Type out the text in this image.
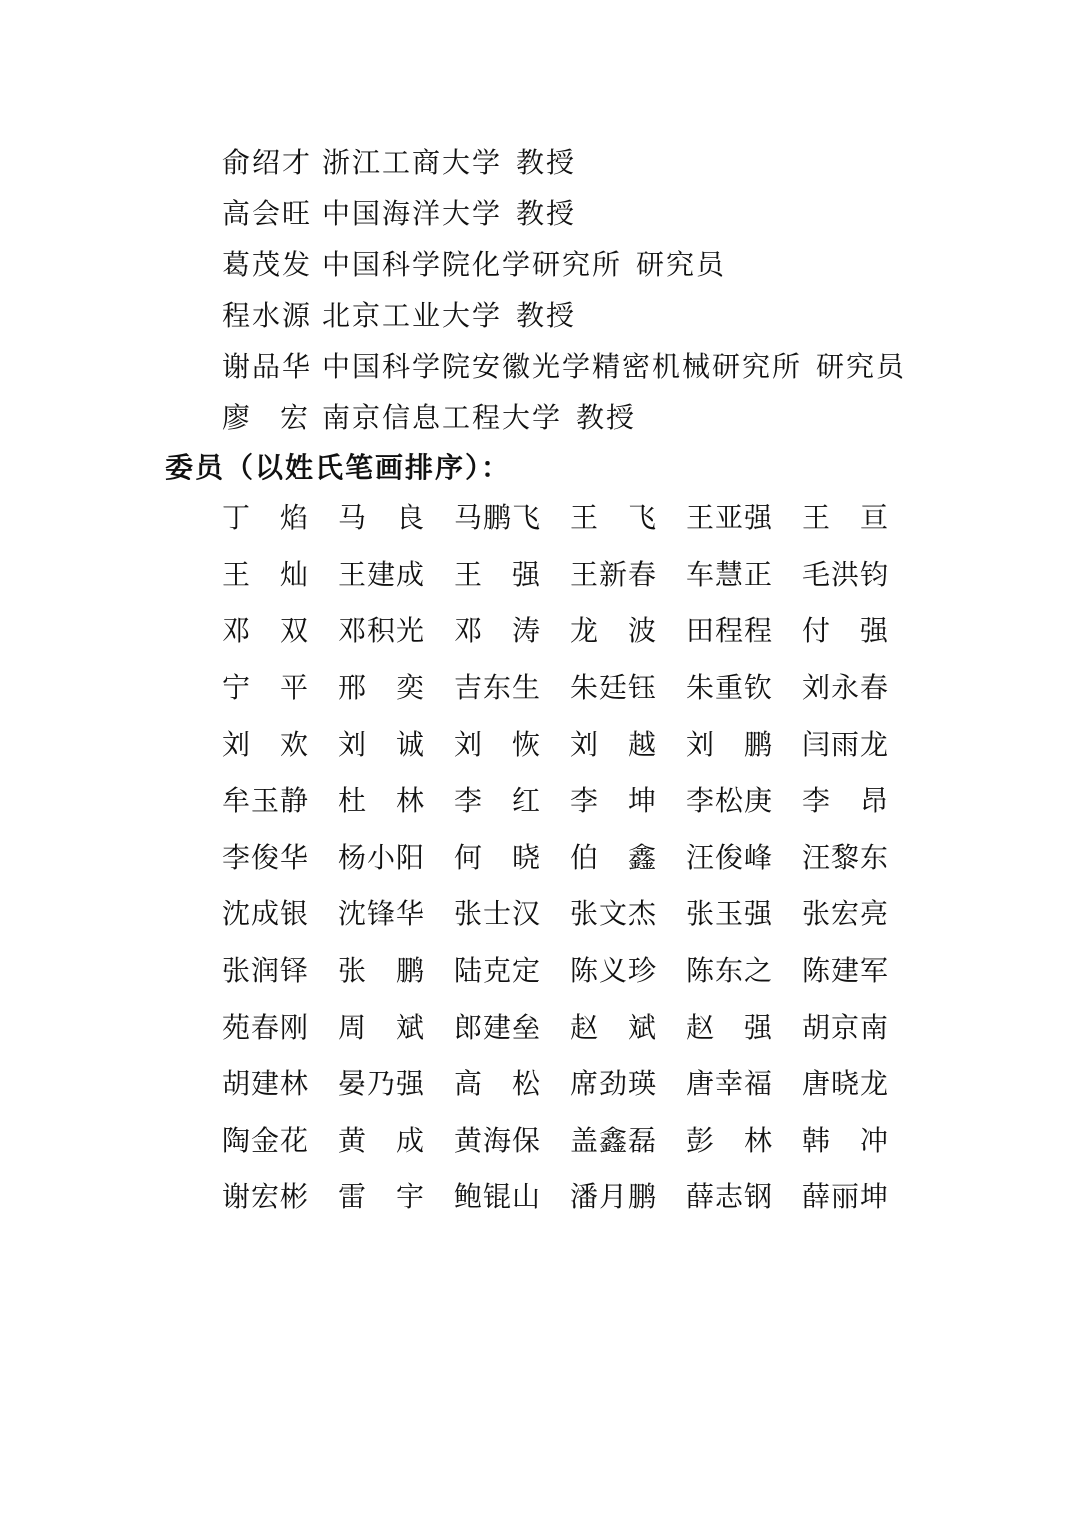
俞绍才 浙江工商大学 教授
高会旺 中国海洋大学 教授
葛茂发 中国科学院化学研究所 研究员
程水源 北京工业大学 教授
谢品华 中国科学院安徽光学精密机械研究所 研究员
廖宏南京信息工程大学 教授
委员（以姓氏笔画排序）：
丁 焰 马 良 马 鹏 飞 王 飞 王 亚 强 王 亘
王 灿 王 建 成 王 强 王 新 春 车 慧 正 毛 洪 钧
邓 双 邓 积 光 邓 涛 龙 波 田 程 程 付 强
宁 平 邢 奕 吉 东 生 朱 廷 钰 朱 重 钦 刘 永 春
刘 欢 刘 诚 刘 恢 刘 越 刘 鹏 闫 雨 龙
牟 玉 静 杜 林 李 红 李 坤 李 松 庚 李 昂
李 俊 华 杨 小 阳 何 晓 伯 鑫 汪 俊 峰 汪 黎 东
沈 成 银 沈 锋 华 张 士 汉 张 文 杰 张 玉 强 张 宏 亮
张 润 铎 张 鹏 陆 克 定 陈 义 珍 陈 东 之 陈 建 军
苑 春 刚 周 斌 郎 建 垒 赵 斌 赵 强 胡 京 南
胡 建 林 晏 乃 强 高 松 席 劲 瑛 唐 幸 福 唐 晓 龙
陶 金 花 黄 成 黄 海 保 盖 鑫 磊 彭 林 韩 冲
谢 宏 彬 雷 宇 鲍 锟 山 潘 月 鹏 薛 志 钢 薛 丽 坤
